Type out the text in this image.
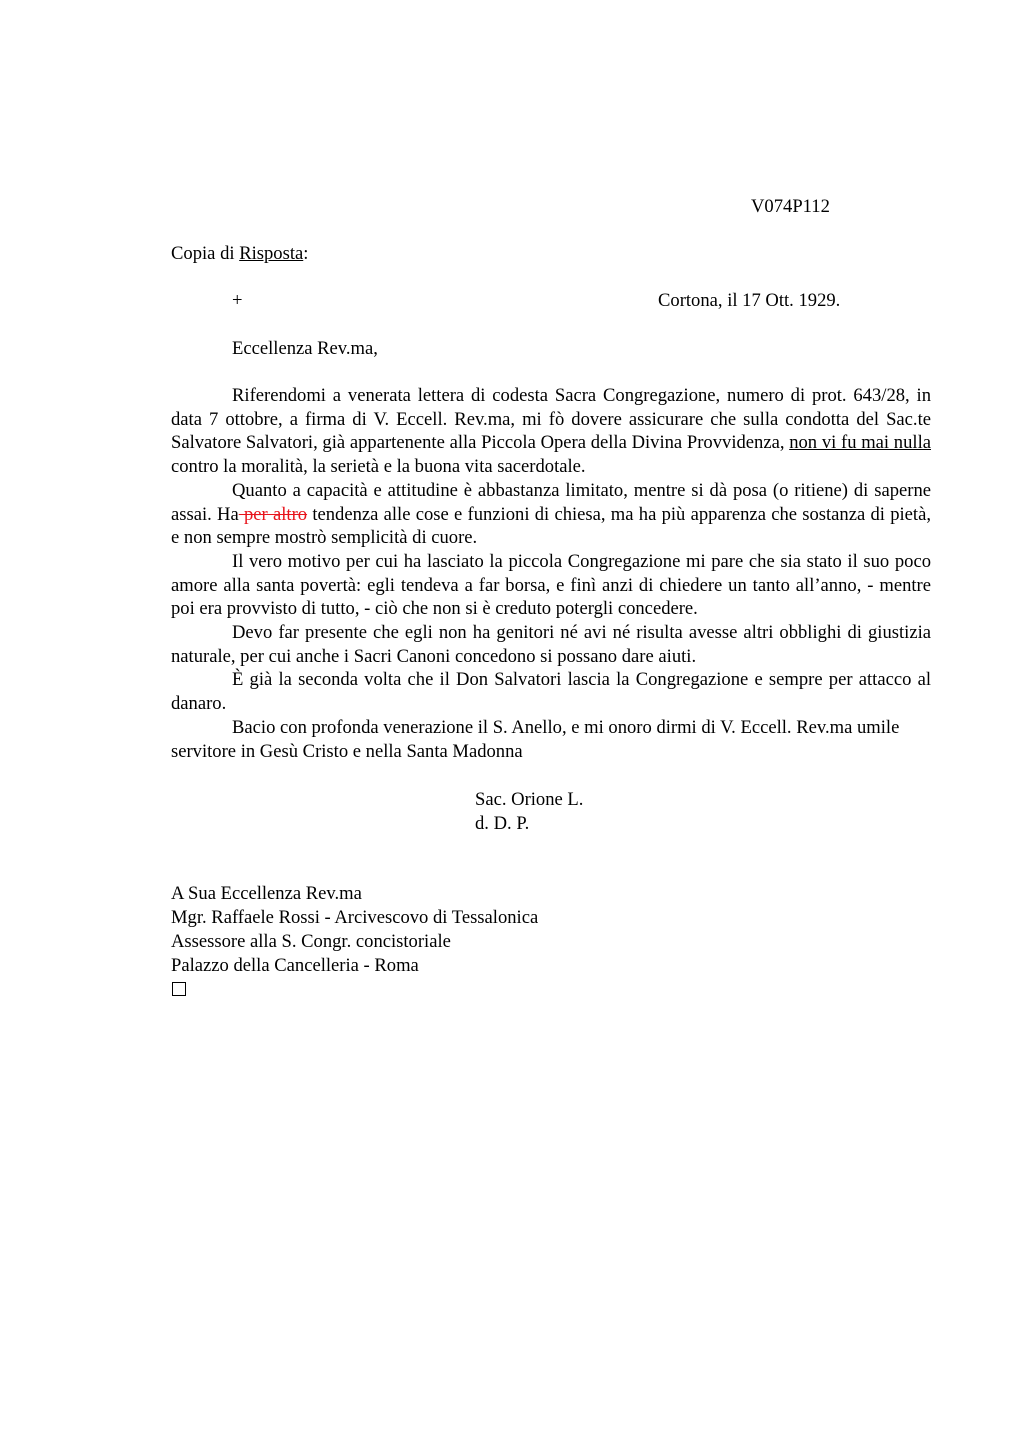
V074P112
Copia di Risposta:
+	Cortona, il 17 Ott. 1929.
Eccellenza Rev.ma,

Riferendomi a venerata lettera di codesta Sacra Congregazione, numero di prot. 643/28, in data 7 ottobre, a firma di V. Eccell. Rev.ma, mi fò dovere assicurare che sulla condotta del Sac.te Salvatore Salvatori, già appartenente alla Piccola Opera della Divina Provvidenza, non vi fu mai nulla contro la moralità, la serietà e la buona vita sacerdotale.

Quanto a capacità e attitudine è abbastanza limitato, mentre si dà posa (o ritiene) di saperne assai. Ha per altro tendenza alle cose e funzioni di chiesa, ma ha più apparenza che sostanza di pietà, e non sempre mostrò semplicità di cuore.

Il vero motivo per cui ha lasciato la piccola Congregazione mi pare che sia stato il suo poco amore alla santa povertà: egli tendeva a far borsa, e finì anzi di chiedere un tanto all’anno, - mentre poi era provvisto di tutto, - ciò che non si è creduto potergli concedere.

Devo far presente che egli non ha genitori né avi né risulta avesse altri obblighi di giustizia naturale, per cui anche i Sacri Canoni concedono si possano dare aiuti.

È già la seconda volta che il Don Salvatori lascia la Congregazione e sempre per attacco al danaro.

Bacio con profonda venerazione il S. Anello, e mi onoro dirmi di V. Eccell. Rev.ma umile servitore in Gesù Cristo e nella Santa Madonna

Sac. Orione L.
d. D. P.
A Sua Eccellenza Rev.ma
Mgr. Raffaele Rossi - Arcivescovo di Tessalonica
Assessore alla S. Congr. concistoriale
Palazzo della Cancelleria - Roma
